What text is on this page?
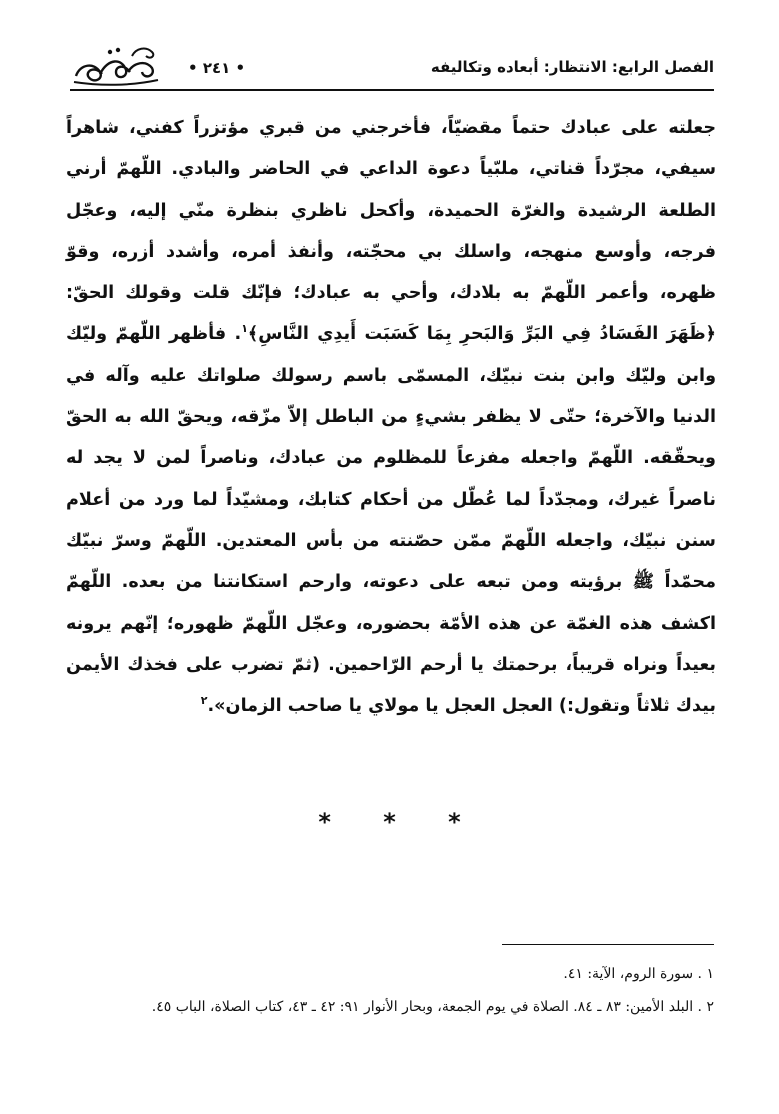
• ٢٤١ •	الفصل الرابع: الانتظار: أبعاده وتكاليفه

جعلته على عبادك حتماً مقضيّاً، فأخرجني من قبري مؤتزراً كفني، شاهراً سيفي، مجرّداً قناتي، ملبّياً دعوة الداعي في الحاضر والبادي. اللّهمّ أرني الطلعة الرشيدة والغرّة الحميدة، وأكحل ناظري بنظرة منّي إليه، وعجّل فرجه، وأوسع منهجه، واسلك بي محجّته، وأنفذ أمره، وأشدد أزره، وقوّ ظهره، وأعمر اللّهمّ به بلادك، وأحي به عبادك؛ فإنّك قلت وقولك الحقّ: ﴿ظَهَرَ الفَسَادُ فِي البَرِّ وَالبَحرِ بِمَا كَسَبَت أَيدِي النَّاسِ﴾$^١$. فأظهر اللّهمّ وليّك وابن وليّك وابن بنت نبيّك، المسمّى باسم رسولك صلواتك عليه وآله في الدنيا والآخرة؛ حتّى لا يظفر بشيءٍ من الباطل إلاّ مزّقه، ويحقّ الله به الحقّ ويحقّقه. اللّهمّ واجعله مفزعاً للمظلوم من عبادك، وناصراً لمن لا يجد له ناصراً غيرك، ومجدّداً لما عُطّل من أحكام كتابك، ومشيّداً لما ورد من أعلام سنن نبيّك، واجعله اللّهمّ ممّن حصّنته من بأس المعتدين. اللّهمّ وسرّ نبيّك محمّداً ﷺ برؤيته ومن تبعه على دعوته، وارحم استكانتنا من بعده. اللّهمّ اكشف هذه الغمّة عن هذه الأمّة بحضوره، وعجّل اللّهمّ ظهوره؛ إنّهم يرونه بعيداً ونراه قريباً، برحمتك يا أرحم الرّاحمين. (ثمّ تضرب على فخذك الأيمن بيدك ثلاثاً وتقول:) العجل العجل يا مولاي يا صاحب الزمان».$^٢$

* * *

١ . سورة الروم، الآية: ٤١.

٢ . البلد الأمين: ٨٣ ـ ٨٤. الصلاة في يوم الجمعة، وبحار الأنوار ٩١: ٤٢ ـ ٤٣، كتاب الصلاة، الباب ٤٥.
